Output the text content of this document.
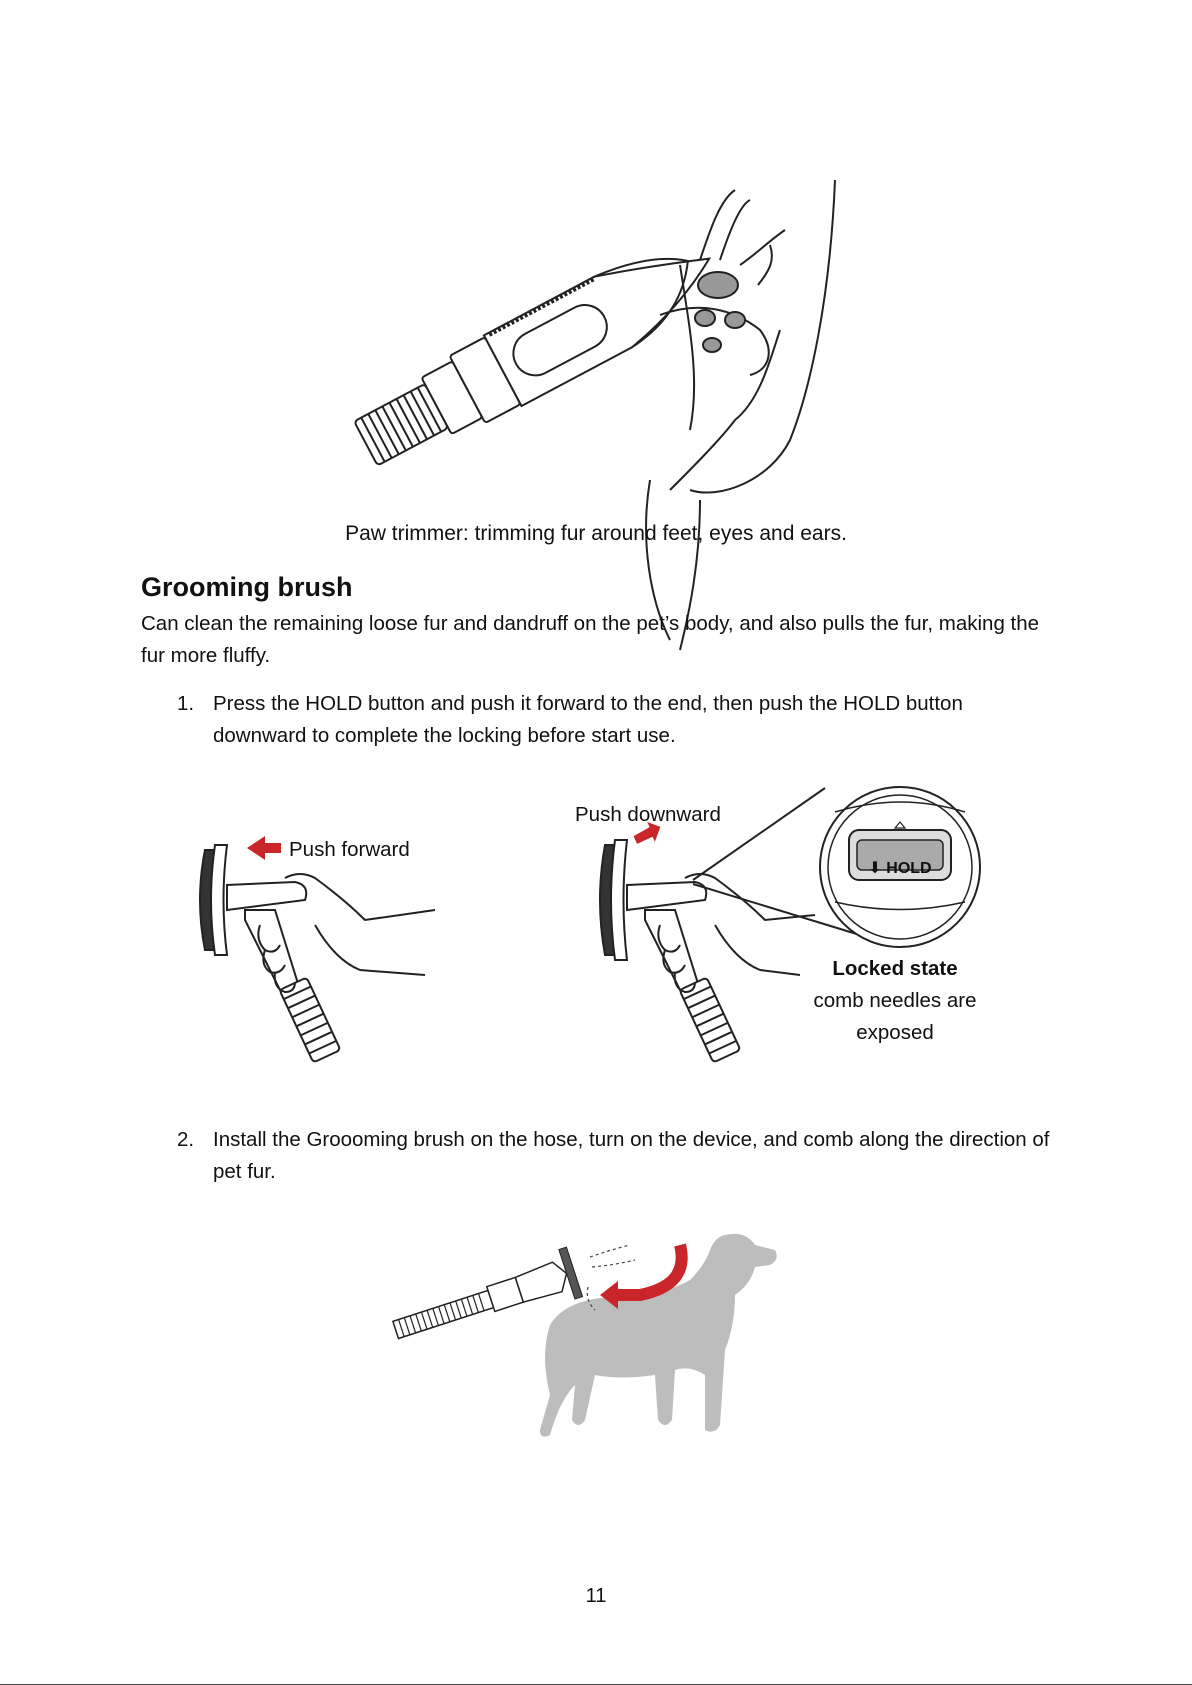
Paw trimmer: trimming fur around feet, eyes and ears.
Grooming brush
Can clean the remaining loose fur and dandruff on the pet’s body, and also pulls the fur, making the fur more fluffy.
1. Press the HOLD button and push it forward to the end, then push the HOLD button downward to complete the locking before start use.
Push forward
Push downward
⬇ HOLD
Locked state
comb needles are
exposed
2. Install the Groooming brush on the hose, turn on the device, and comb along the direction of pet fur.
11
